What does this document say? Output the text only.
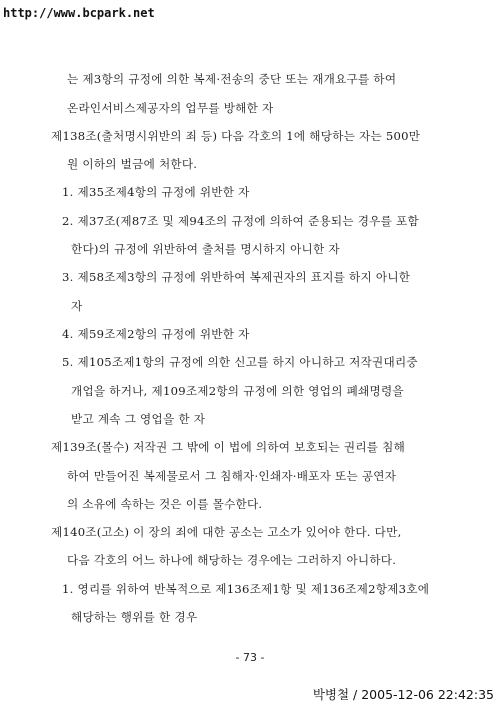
http://www.bcpark.net
는 제3항의 규정에 의한 복제·전송의 중단 또는 재개요구를 하여
온라인서비스제공자의 업무를 방해한 자
제138조(출처명시위반의 죄 등) 다음 각호의 1에 해당하는 자는 500만
원 이하의 벌금에 처한다.
1. 제35조제4항의 규정에 위반한 자
2. 제37조(제87조 및 제94조의 규정에 의하여 준용되는 경우를 포함
한다)의 규정에 위반하여 출처를 명시하지 아니한 자
3. 제58조제3항의 규정에 위반하여 복제권자의 표지를 하지 아니한
자
4. 제59조제2항의 규정에 위반한 자
5. 제105조제1항의 규정에 의한 신고를 하지 아니하고 저작권대리중
개업을 하거나, 제109조제2항의 규정에 의한 영업의 폐쇄명령을
받고 계속 그 영업을 한 자
제139조(몰수) 저작권 그 밖에 이 법에 의하여 보호되는 권리를 침해
하여 만들어진 복제물로서 그 침해자·인쇄자·배포자 또는 공연자
의 소유에 속하는 것은 이를 몰수한다.
제140조(고소) 이 장의 죄에 대한 공소는 고소가 있어야 한다. 다만,
다음 각호의 어느 하나에 해당하는 경우에는 그러하지 아니하다.
1. 영리를 위하여 반복적으로 제136조제1항 및 제136조제2항제3호에
해당하는 행위를 한 경우
- 73 -
박병철 / 2005-12-06 22:42:35
